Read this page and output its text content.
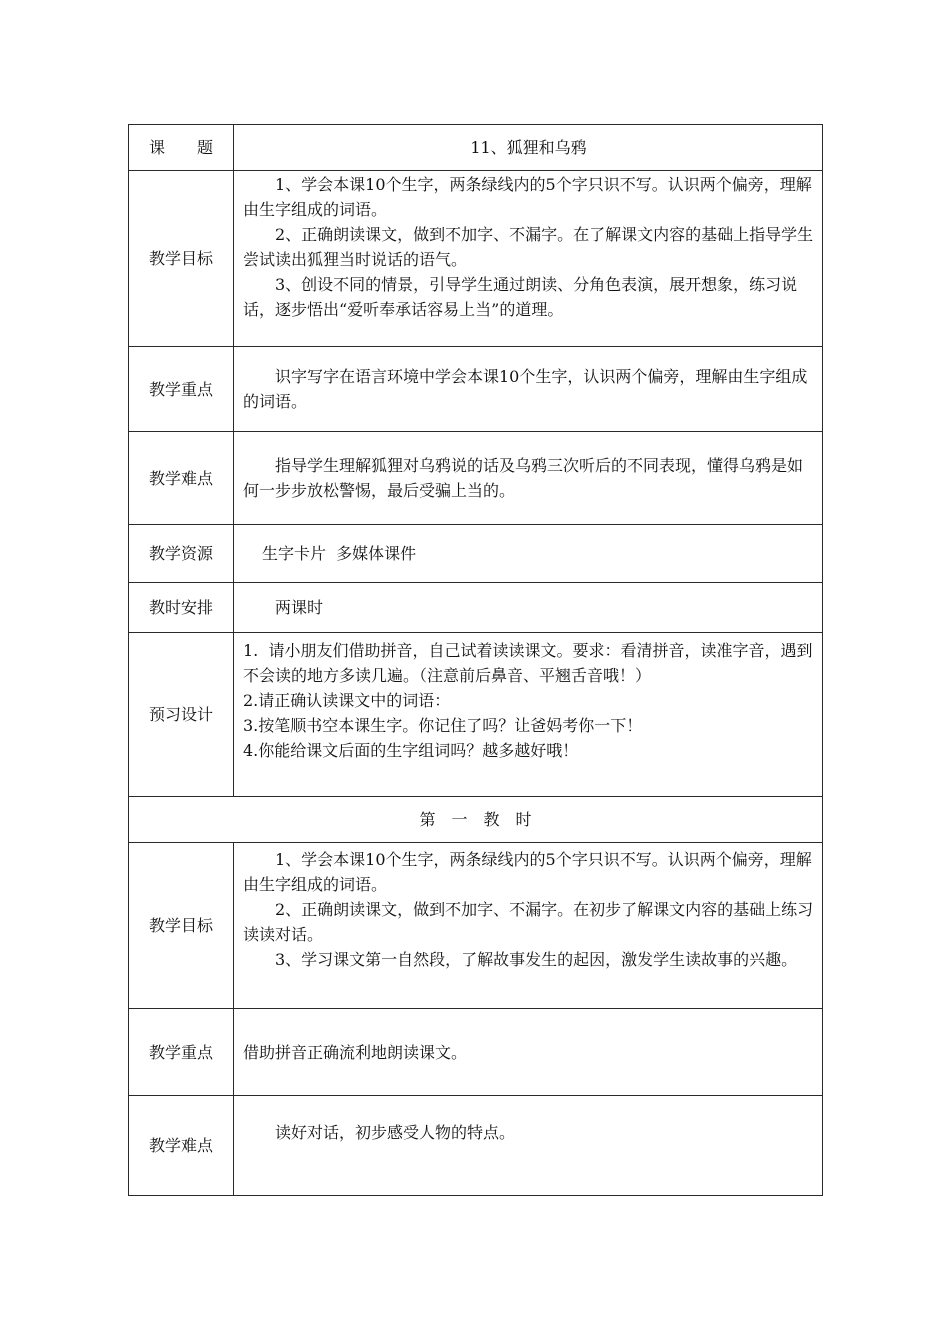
课　　题	11、狐狸和乌鸦
教学目标	1、学会本课10个生字，两条绿线内的5个字只识不写。认识两个偏旁，理解由生字组成的词语。

2、正确朗读课文，做到不加字、不漏字。在了解课文内容的基础上指导学生尝试读出狐狸当时说话的语气。

3、创设不同的情景，引导学生通过朗读、分角色表演，展开想象，练习说话，逐步悟出“爱听奉承话容易上当”的道理。

教学重点	识字写字在语言环境中学会本课10个生字，认识两个偏旁，理解由生字组成的词语。

教学难点	指导学生理解狐狸对乌鸦说的话及乌鸦三次听后的不同表现，懂得乌鸦是如何一步步放松警惕，最后受骗上当的。

教学资源	生字卡片  多媒体课件
教时安排	两课时

预习设计	1.  请小朋友们借助拼音，自己试着读读课文。要求：看清拼音，读准字音，遇到不会读的地方多读几遍。（注意前后鼻音、平翘舌音哦！）

2.请正确认读课文中的词语：

3.按笔顺书空本课生字。你记住了吗？让爸妈考你一下！

4.你能给课文后面的生字组词吗？越多越好哦！

第　一　教　时	
教学目标	1、学会本课10个生字，两条绿线内的5个字只识不写。认识两个偏旁，理解由生字组成的词语。

2、正确朗读课文，做到不加字、不漏字。在初步了解课文内容的基础上练习读读对话。

3、学习课文第一自然段，了解故事发生的起因，激发学生读故事的兴趣。

教学重点	借助拼音正确流利地朗读课文。

教学难点	读好对话，初步感受人物的特点。
